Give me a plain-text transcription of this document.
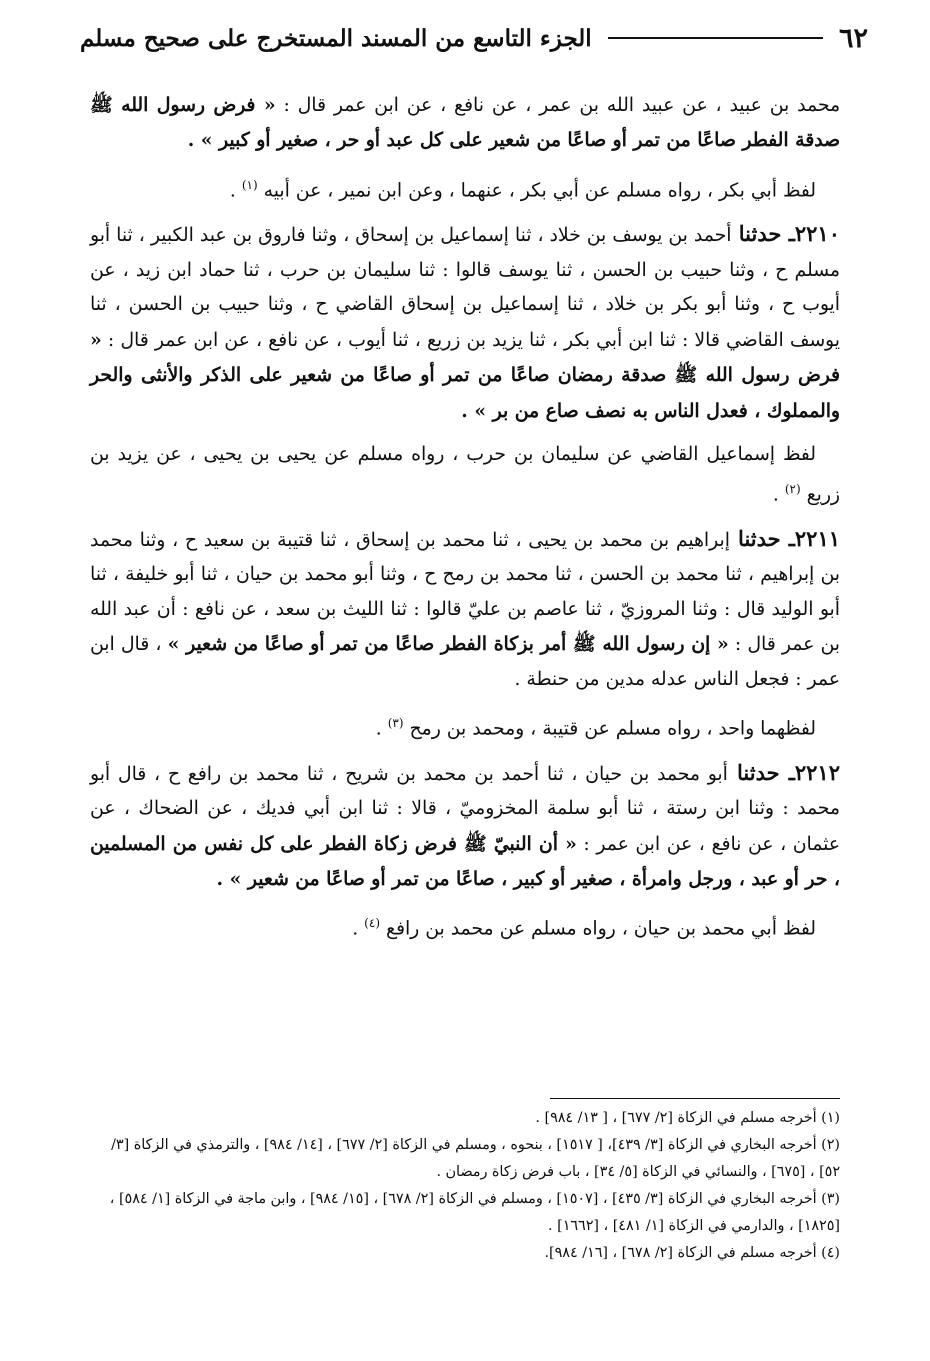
٦٢
الجزء التاسع من المسند المستخرج على صحيح مسلم

محمد بن عبيد ، عن عبيد الله بن عمر ، عن نافع ، عن ابن عمر قال : « فرض رسول الله ﷺ صدقة الفطر صاعًا من تمر أو صاعًا من شعير على كل عبد أو حر ، صغير أو كبير » .

لفظ أبي بكر ، رواه مسلم عن أبي بكر ، عنهما ، وعن ابن نمير ، عن أبيه $^{(١)}$ .

٢٢١٠ـ حدثنا أحمد بن يوسف بن خلاد ، ثنا إسماعيل بن إسحاق ، وثنا فاروق بن عبد الكبير ، ثنا أبو مسلم ح ، وثنا حبيب بن الحسن ، ثنا يوسف قالوا : ثنا سليمان بن حرب ، ثنا حماد ابن زيد ، عن أيوب ح ، وثنا أبو بكر بن خلاد ، ثنا إسماعيل بن إسحاق القاضي ح ، وثنا حبيب بن الحسن ، ثنا يوسف القاضي قالا : ثنا ابن أبي بكر ، ثنا يزيد بن زريع ، ثنا أيوب ، عن نافع ، عن ابن عمر قال : « فرض رسول الله ﷺ صدقة رمضان صاعًا من تمر أو صاعًا من شعير على الذكر والأنثى والحر والمملوك ، فعدل الناس به نصف صاع من بر » .

لفظ إسماعيل القاضي عن سليمان بن حرب ، رواه مسلم عن يحيى بن يحيى ، عن يزيد بن زريع $^{(٢)}$ .

٢٢١١ـ حدثنا إبراهيم بن محمد بن يحيى ، ثنا محمد بن إسحاق ، ثنا قتيبة بن سعيد ح ، وثنا محمد بن إبراهيم ، ثنا محمد بن الحسن ، ثنا محمد بن رمح ح ، وثنا أبو محمد بن حيان ، ثنا أبو خليفة ، ثنا أبو الوليد قال : وثنا المروزيّ ، ثنا عاصم بن عليّ قالوا : ثنا الليث بن سعد ، عن نافع : أن عبد الله بن عمر قال : « إن رسول الله ﷺ أمر بزكاة الفطر صاعًا من تمر أو صاعًا من شعير » ، قال ابن عمر : فجعل الناس عدله مدين من حنطة .

لفظهما واحد ، رواه مسلم عن قتيبة ، ومحمد بن رمح $^{(٣)}$ .

٢٢١٢ـ حدثنا أبو محمد بن حيان ، ثنا أحمد بن محمد بن شريح ، ثنا محمد بن رافع ح ، قال أبو محمد : وثنا ابن رستة ، ثنا أبو سلمة المخزوميّ ، قالا : ثنا ابن أبي فديك ، عن الضحاك ، عن عثمان ، عن نافع ، عن ابن عمر : « أن النبيّ ﷺ فرض زكاة الفطر على كل نفس من المسلمين ، حر أو عبد ، ورجل وامرأة ، صغير أو كبير ، صاعًا من تمر أو صاعًا من شعير » .

لفظ أبي محمد بن حيان ، رواه مسلم عن محمد بن رافع $^{(٤)}$ .

(١) أخرجه مسلم في الزكاة [٢/ ٦٧٧] ، [ ١٣/ ٩٨٤] .

(٢) أخرجه البخاري في الزكاة [٣/ ٤٣٩]، [ ١٥١٧] ، بنحوه ، ومسلم في الزكاة [٢/ ٦٧٧] ، [١٤/ ٩٨٤] ، والترمذي في الزكاة [٣/ ٥٢] ، [٦٧٥] ، والنسائي في الزكاة [٥/ ٣٤] ، باب فرض زكاة رمضان .

(٣) أخرجه البخاري في الزكاة [٣/ ٤٣٥] ، [١٥٠٧] ، ومسلم في الزكاة [٢/ ٦٧٨] ، [١٥/ ٩٨٤] ، وابن ماجة في الزكاة [١/ ٥٨٤] ، [١٨٢٥] ، والدارمي في الزكاة [١/ ٤٨١] ، [١٦٦٢] .

(٤) أخرجه مسلم في الزكاة [٢/ ٦٧٨] ، [١٦/ ٩٨٤].
